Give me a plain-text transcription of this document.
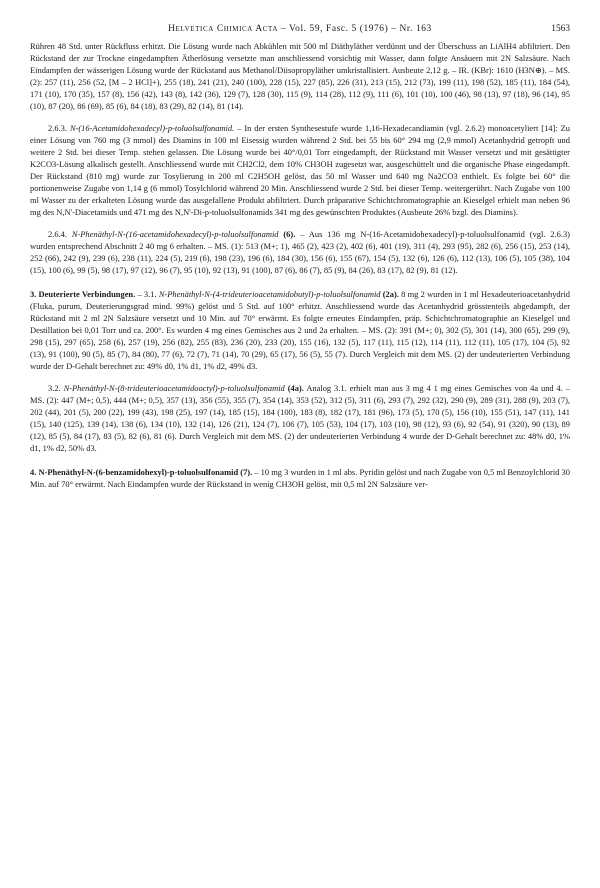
Helvetica Chimica Acta – Vol. 59, Fasc. 5 (1976) – Nr. 163	1563

Rühren 48 Std. unter Rückfluss erhitzt. Die Lösung wurde nach Abkühlen mit 500 ml Diäthyläther verdünnt und der Überschuss an LiAlH4 abfiltriert. Den Rückstand der zur Trockne eingedampften Ätherlösung versetzte man anschliessend vorsichtig mit Wasser, dann folgte Ansäuern mit 2N Salzsäure. Nach Eindampfen der wässerigen Lösung wurde der Rückstand aus Methanol/Diisopropyläther umkristallisiert. Ausbeute 2,12 g. – IR. (KBr): 1610 (H3N⊕). – MS. (2): 257 (11), 256 (52, [M – 2 HCl]+), 255 (18), 241 (21), 240 (100), 228 (15), 227 (85), 226 (31), 213 (15), 212 (73), 199 (11), 198 (52), 185 (11), 184 (54), 171 (10), 170 (35), 157 (8), 156 (42), 143 (8), 142 (36), 129 (7), 128 (30), 115 (9), 114 (28), 112 (9), 111 (6), 101 (10), 100 (46), 98 (13), 97 (18), 96 (14), 95 (10), 87 (20), 86 (69), 85 (6), 84 (18), 83 (29), 82 (14), 81 (14).

2.6.3. N-(16-Acetamidohexadecyl)-p-toluolsulfonamid. – In der ersten Synthesestufe wurde 1,16-Hexadecandiamin (vgl. 2.6.2) monoacetyliert [14]: Zu einer Lösung von 760 mg (3 mmol) des Diamins in 100 ml Eisessig wurden während 2 Std. bei 55 bis 60° 294 mg (2,9 mmol) Acetanhydrid getropft und weitere 2 Std. bei dieser Temp. stehen gelassen. Die Lösung wurde bei 40°/0,01 Torr eingedampft, der Rückstand mit Wasser versetzt und mit gesättigter K2CO3-Lösung alkalisch gestellt. Anschliessend wurde mit CH2Cl2, dem 10% CH3OH zugesetzt war, ausgeschüttelt und die organische Phase eingedampft. Der Rückstand (810 mg) wurde zur Tosylierung in 200 ml C2H5OH gelöst, das 50 ml Wasser und 640 mg Na2CO3 enthielt. Es folgte bei 60° die portionenweise Zugabe von 1,14 g (6 mmol) Tosylchlorid während 20 Min. Anschliessend wurde 2 Std. bei dieser Temp. weitergerührt. Nach Zugabe von 100 ml Wasser zu der erkalteten Lösung wurde das ausgefallene Produkt abfiltriert. Durch präparative Schichtchromatographie an Kieselgel erhielt man neben 96 mg des N,N'-Diacetamids und 471 mg des N,N'-Di-p-toluolsulfonamids 341 mg des gewünschten Produktes (Ausbeute 26% bzgl. des Diamins).

2.6.4. N-Phenäthyl-N-(16-acetamidohexadecyl)-p-toluolsulfonamid (6). – Aus 136 mg N-(16-Acetamidohexadecyl)-p-toluolsulfonamid (vgl. 2.6.3) wurden entsprechend Abschnitt 2 40 mg 6 erhalten. – MS. (1): 513 (M+; 1), 465 (2), 423 (2), 402 (6), 401 (19), 311 (4), 293 (95), 282 (6), 256 (15), 253 (14), 252 (66), 242 (9), 239 (6), 238 (11), 224 (5), 219 (6), 198 (23), 196 (6), 184 (30), 156 (6), 155 (67), 154 (5), 132 (6), 126 (6), 112 (13), 106 (5), 105 (38), 104 (15), 100 (6), 99 (5), 98 (17), 97 (12), 96 (7), 95 (10), 92 (13), 91 (100), 87 (6), 86 (7), 85 (9), 84 (26), 83 (17), 82 (9), 81 (12).

3. Deuterierte Verbindungen. – 3.1. N-Phenäthyl-N-(4-trideuterioacetamidobutyl)-p-toluolsulfonamid (2a). 8 mg 2 wurden in 1 ml Hexadeuterioacetanhydrid (Fluka, purum, Deuterierungsgrad mind. 99%) gelöst und 5 Std. auf 100° erhitzt. Anschliessend wurde das Acetanhydrid grösstenteils abgedampft, der Rückstand mit 2 ml 2N Salzsäure versetzt und 10 Min. auf 70° erwärmt. Es folgte erneutes Eindampfen, präp. Schichtchromatographie an Kieselgel und Destillation bei 0,01 Torr und ca. 200°. Es wurden 4 mg eines Gemisches aus 2 und 2a erhalten. – MS. (2): 391 (M+; 0), 302 (5), 301 (14), 300 (65), 299 (9), 298 (15), 297 (65), 258 (6), 257 (19), 256 (82), 255 (83), 236 (20), 233 (20), 155 (16), 132 (5), 117 (11), 115 (12), 114 (11), 112 (11), 105 (17), 104 (5), 92 (13), 91 (100), 90 (5), 85 (7), 84 (80), 77 (6), 72 (7), 71 (14), 70 (29), 65 (17), 56 (5), 55 (7). Durch Vergleich mit dem MS. (2) der undeuterierten Verbindung wurde der D-Gehalt berechnet zu: 49% d0, 1% d1, 1% d2, 49% d3.

3.2. N-Phenäthyl-N-(8-trideuterioacetamidooctyl)-p-toluolsulfonamid (4a). Analog 3.1. erhielt man aus 3 mg 4 1 mg eines Gemisches von 4a und 4. – MS. (2): 447 (M+; 0,5), 444 (M+; 0,5), 357 (13), 356 (55), 355 (7), 354 (14), 353 (52), 312 (5), 311 (6), 293 (7), 292 (32), 290 (9), 289 (31), 288 (9), 203 (7), 202 (44), 201 (5), 200 (22), 199 (43), 198 (25), 197 (14), 185 (15), 184 (100), 183 (8), 182 (17), 181 (96), 173 (5), 170 (5), 156 (10), 155 (51), 147 (11), 141 (15), 140 (125), 139 (14), 138 (6), 134 (10), 132 (14), 126 (21), 124 (7), 106 (7), 105 (53), 104 (17), 103 (10), 98 (12), 93 (6), 92 (54), 91 (320), 90 (13), 89 (12), 85 (5), 84 (17), 83 (5), 82 (6), 81 (6). Durch Vergleich mit dem MS. (2) der undeuterierten Verbindung 4 wurde der D-Gehalt berechnet zu: 48% d0, 1% d1, 1% d2, 50% d3.

4. N-Phenäthyl-N-(6-benzamidohexyl)-p-toluolsulfonamid (7). – 10 mg 3 wurden in 1 ml abs. Pyridin gelöst und nach Zugabe von 0,5 ml Benzoylchlorid 30 Min. auf 70° erwärmt. Nach Eindampfen wurde der Rückstand in wenig CH3OH gelöst, mit 0,5 ml 2N Salzsäure ver-
